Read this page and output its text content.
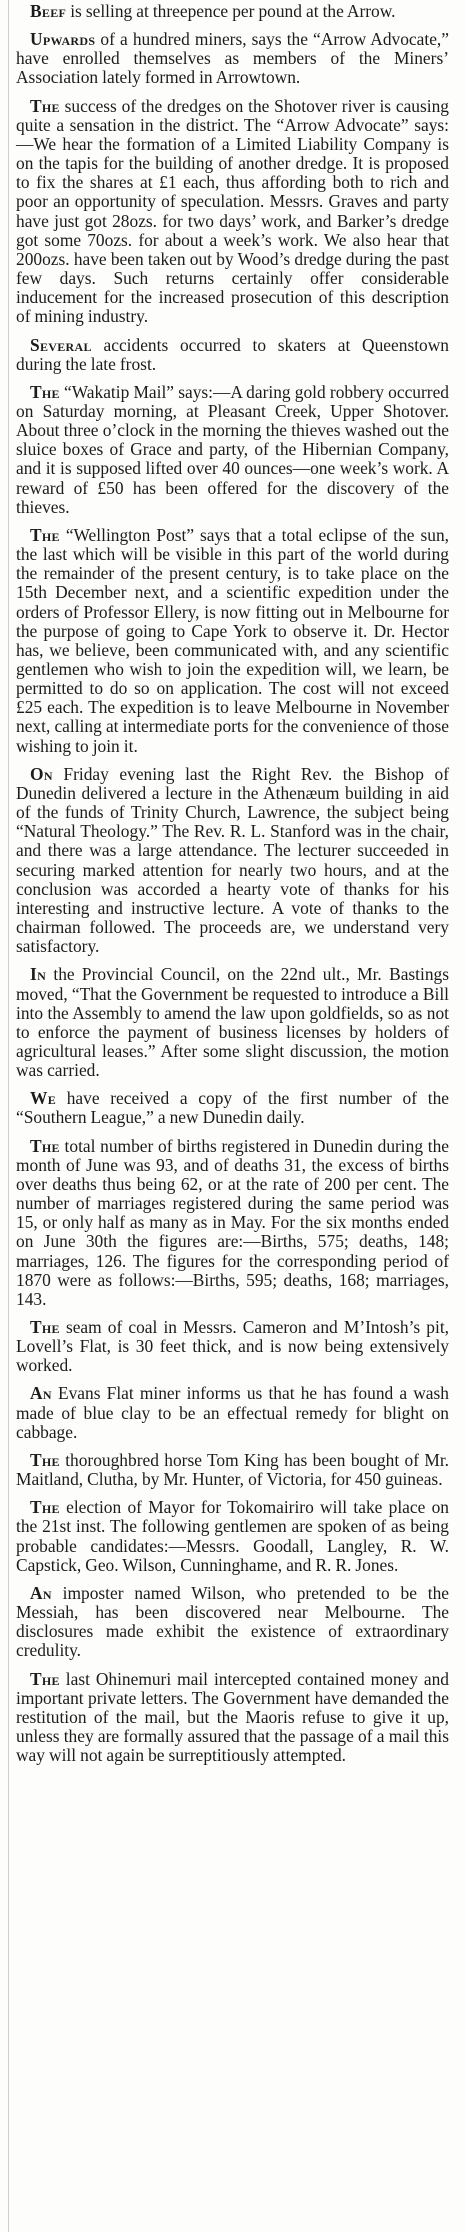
Beef is selling at threepence per pound at the Arrow.

Upwards of a hundred miners, says the “Arrow Advocate,” have enrolled themselves as members of the Miners’ Association lately formed in Arrowtown.

The success of the dredges on the Shotover river is causing quite a sensation in the district. The “Arrow Advocate” says:—We hear the formation of a Limited Liability Company is on the tapis for the building of another dredge. It is proposed to fix the shares at £1 each, thus affording both to rich and poor an opportunity of speculation. Messrs. Graves and party have just got 28ozs. for two days’ work, and Barker’s dredge got some 70ozs. for about a week’s work. We also hear that 200ozs. have been taken out by Wood’s dredge during the past few days. Such returns certainly offer considerable inducement for the increased prosecution of this description of mining industry.

Several accidents occurred to skaters at Queenstown during the late frost.

The “Wakatip Mail” says:—A daring gold robbery occurred on Saturday morning, at Pleasant Creek, Upper Shotover. About three o’clock in the morning the thieves washed out the sluice boxes of Grace and party, of the Hibernian Company, and it is supposed lifted over 40 ounces—one week’s work. A reward of £50 has been offered for the discovery of the thieves.

The “Wellington Post” says that a total eclipse of the sun, the last which will be visible in this part of the world during the remainder of the present century, is to take place on the 15th December next, and a scientific expedition under the orders of Professor Ellery, is now fitting out in Melbourne for the purpose of going to Cape York to observe it. Dr. Hector has, we believe, been communicated with, and any scientific gentlemen who wish to join the expedition will, we learn, be permitted to do so on application. The cost will not exceed £25 each. The expedition is to leave Melbourne in November next, calling at intermediate ports for the convenience of those wishing to join it.

On Friday evening last the Right Rev. the Bishop of Dunedin delivered a lecture in the Athenæum building in aid of the funds of Trinity Church, Lawrence, the subject being “Natural Theology.” The Rev. R. L. Stanford was in the chair, and there was a large attendance. The lecturer succeeded in securing marked attention for nearly two hours, and at the conclusion was accorded a hearty vote of thanks for his interesting and instructive lecture. A vote of thanks to the chairman followed. The proceeds are, we understand very satisfactory.

In the Provincial Council, on the 22nd ult., Mr. Bastings moved, “That the Government be requested to introduce a Bill into the Assembly to amend the law upon goldfields, so as not to enforce the payment of business licenses by holders of agricultural leases.” After some slight discussion, the motion was carried.

We have received a copy of the first number of the “Southern League,” a new Dunedin daily.

The total number of births registered in Dunedin during the month of June was 93, and of deaths 31, the excess of births over deaths thus being 62, or at the rate of 200 per cent. The number of marriages registered during the same period was 15, or only half as many as in May. For the six months ended on June 30th the figures are:—Births, 575; deaths, 148; marriages, 126. The figures for the corresponding period of 1870 were as follows:—Births, 595; deaths, 168; marriages, 143.

The seam of coal in Messrs. Cameron and M’Intosh’s pit, Lovell’s Flat, is 30 feet thick, and is now being extensively worked.

An Evans Flat miner informs us that he has found a wash made of blue clay to be an effectual remedy for blight on cabbage.

The thoroughbred horse Tom King has been bought of Mr. Maitland, Clutha, by Mr. Hunter, of Victoria, for 450 guineas.

The election of Mayor for Tokomairiro will take place on the 21st inst. The following gentlemen are spoken of as being probable candidates:—Messrs. Goodall, Langley, R. W. Capstick, Geo. Wilson, Cunninghame, and R. R. Jones.

An imposter named Wilson, who pretended to be the Messiah, has been discovered near Melbourne. The disclosures made exhibit the existence of extraordinary credulity.

The last Ohinemuri mail intercepted contained money and important private letters. The Government have demanded the restitution of the mail, but the Maoris refuse to give it up, unless they are formally assured that the passage of a mail this way will not again be surreptitiously attempted.
